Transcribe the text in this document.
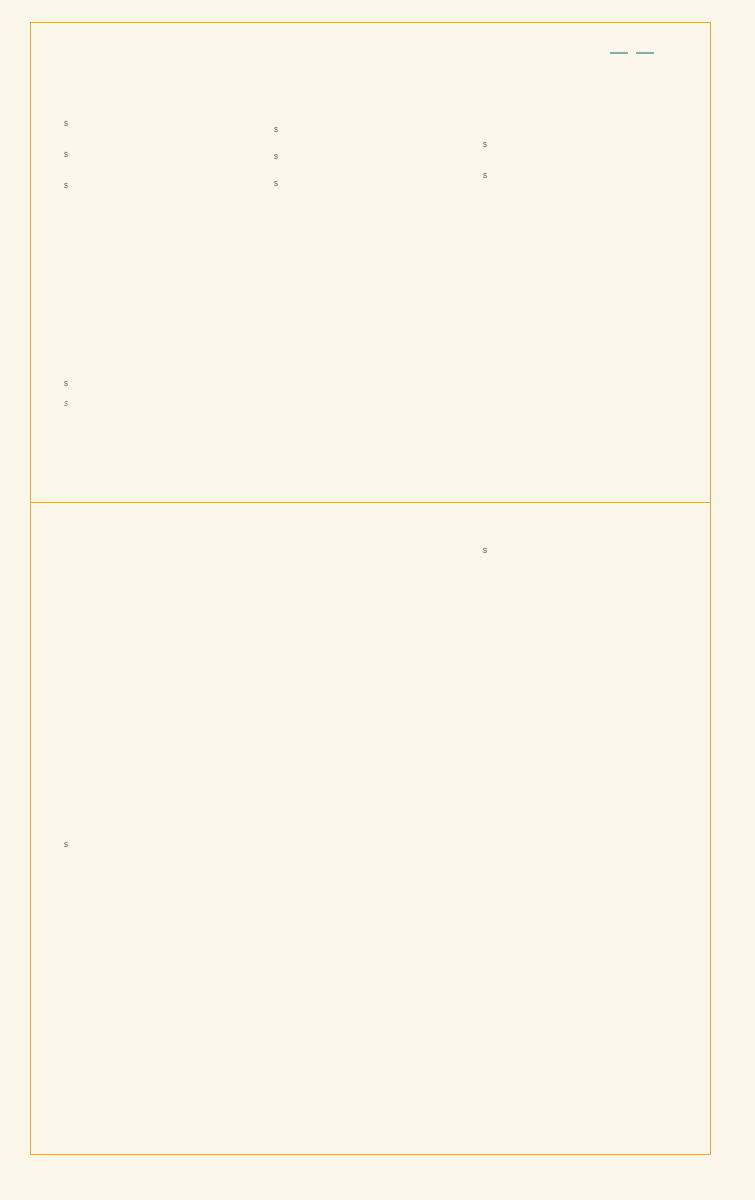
$
$
$
$
$
$
$
$
$
$
$
$
